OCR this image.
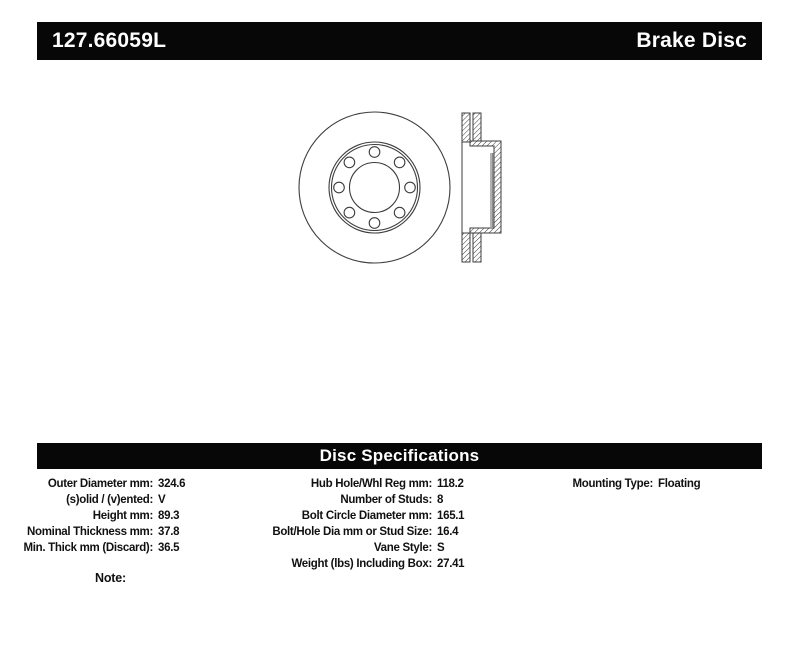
127.66059L	Brake Disc
Disc Specifications
Outer Diameter mm: 324.6
(s)olid / (v)ented: V
Height mm: 89.3
Nominal Thickness mm: 37.8
Min. Thick mm (Discard): 36.5
Hub Hole/Whl Reg mm: 118.2
Number of Studs: 8
Bolt Circle Diameter mm: 165.1
Bolt/Hole Dia mm or Stud Size: 16.4
Vane Style: S
Weight (lbs) Including Box: 27.41
Mounting Type: Floating
Note:
